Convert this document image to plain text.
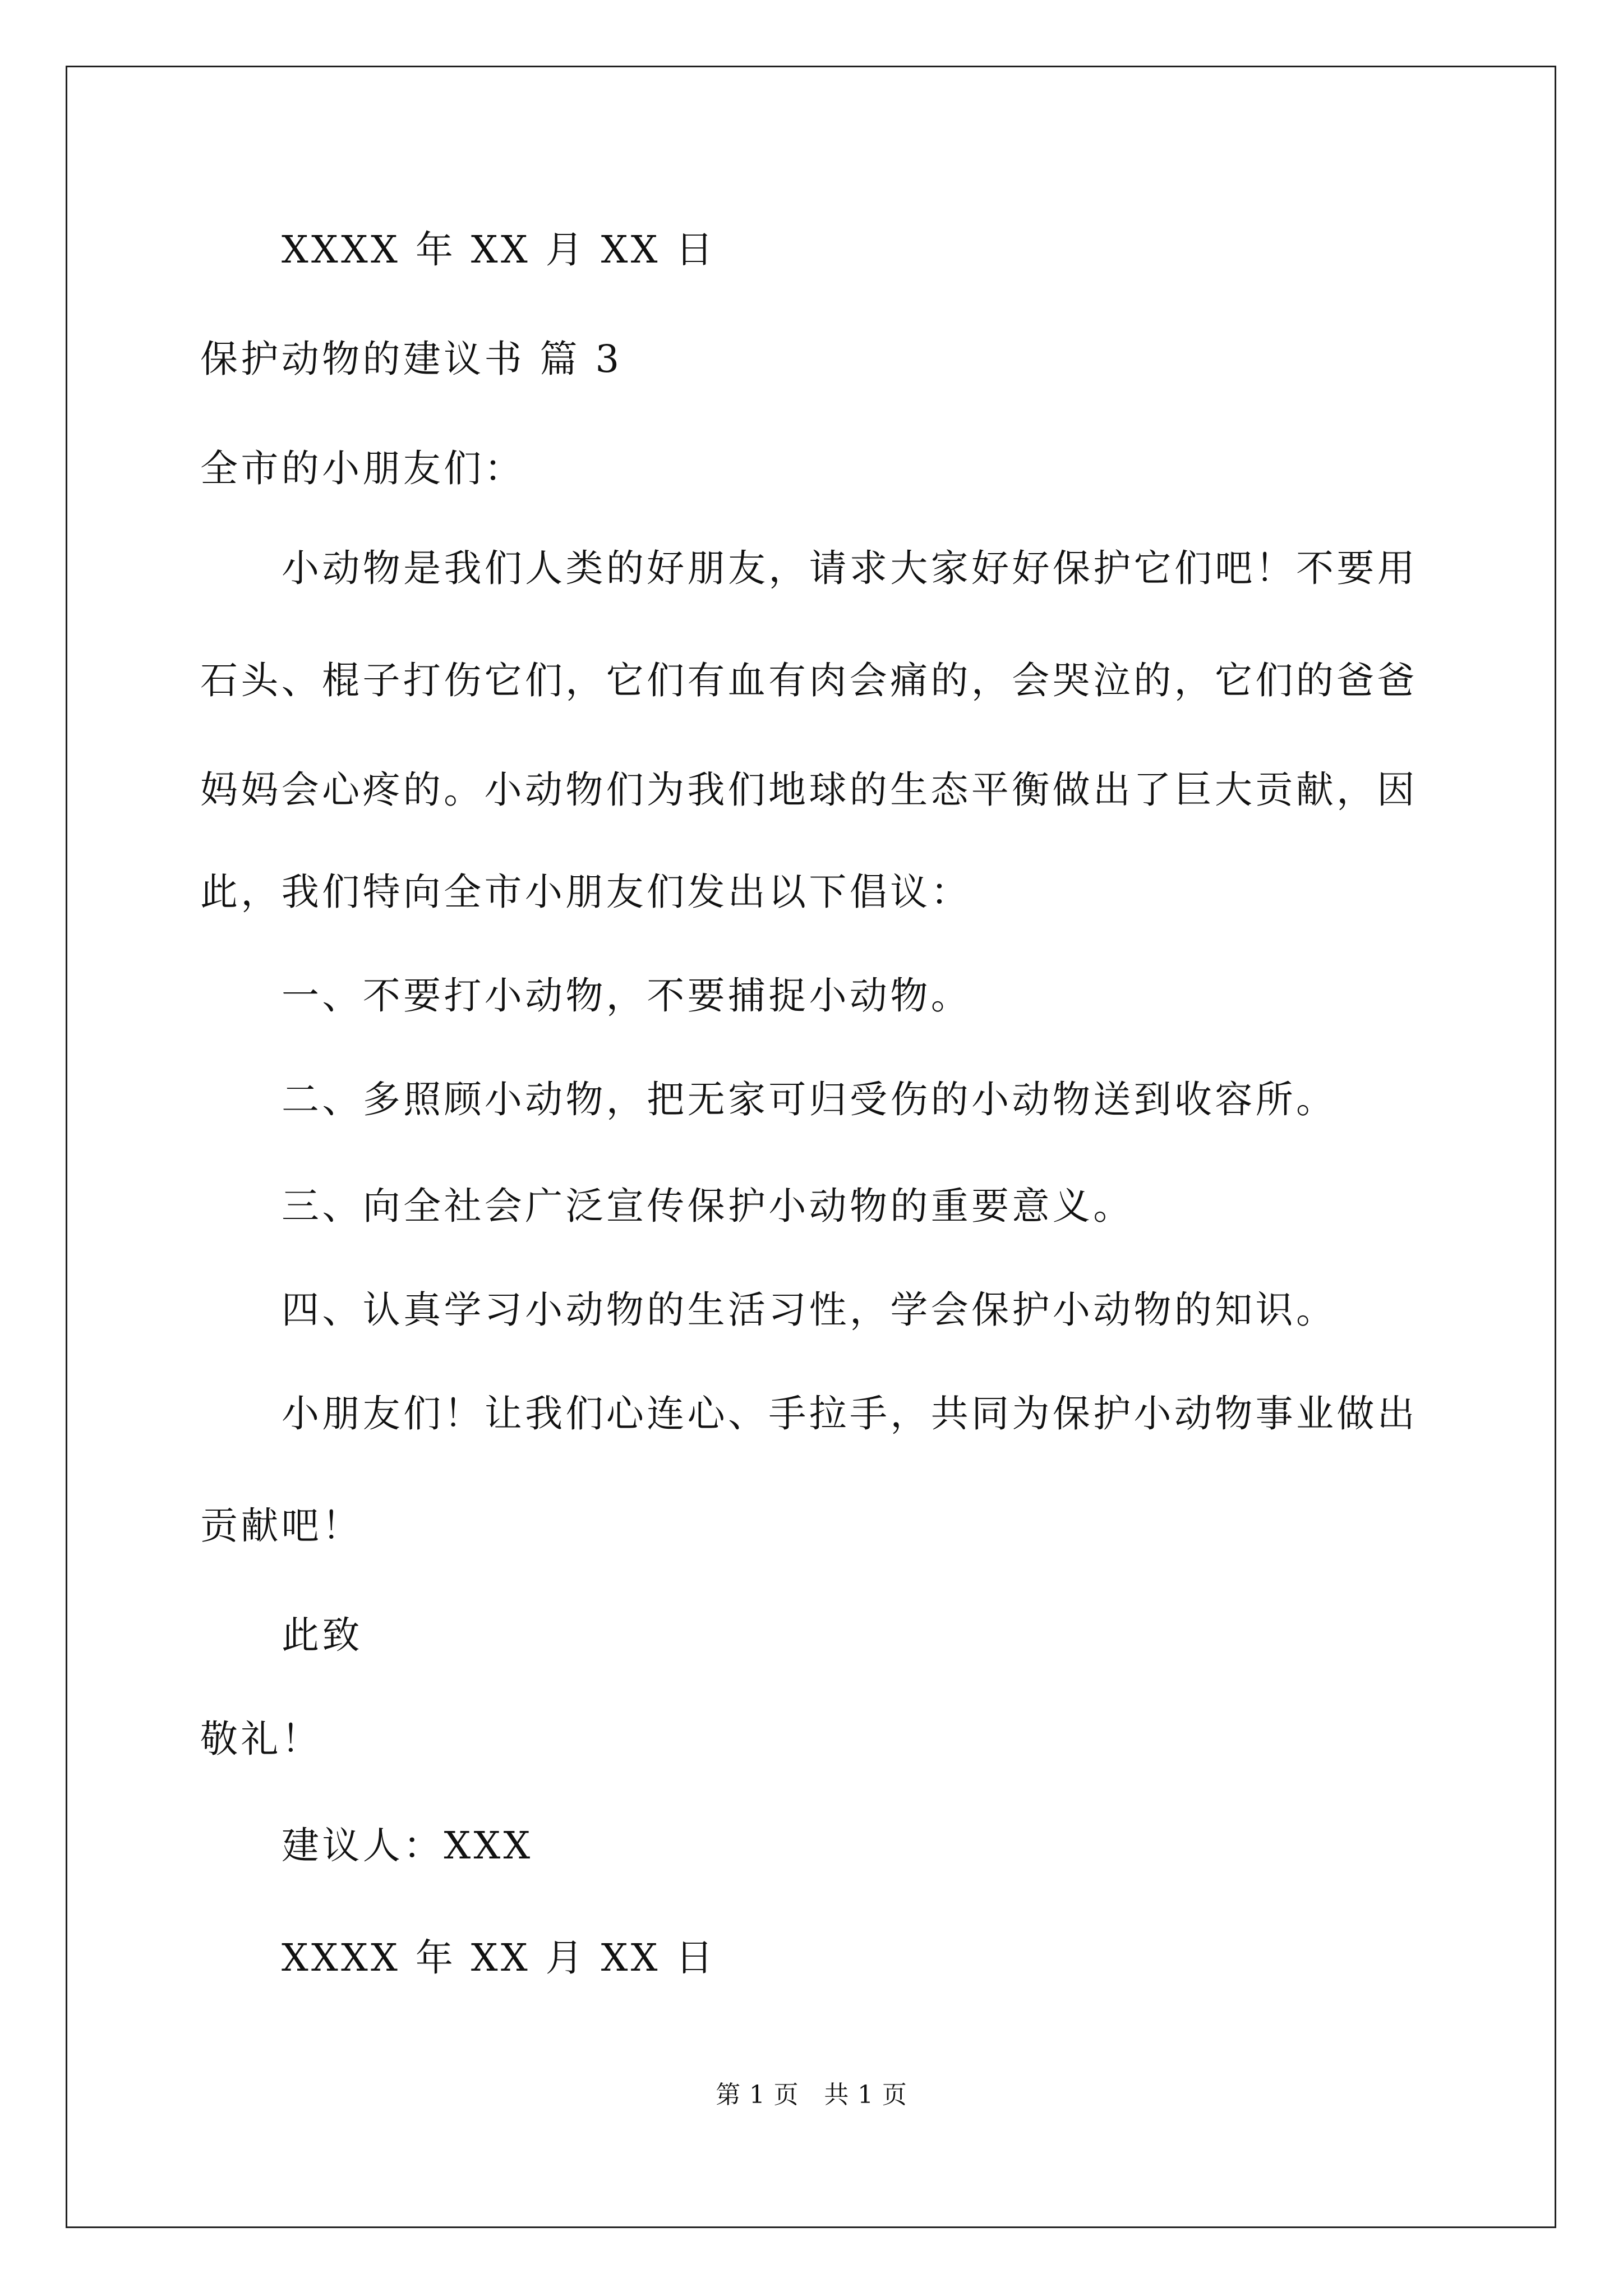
XXXX 年 XX 月 XX 日
保护动物的建议书 篇 3
全市的小朋友们：
小动物是我们人类的好朋友，请求大家好好保护它们吧！不要用
石头、棍子打伤它们，它们有血有肉会痛的，会哭泣的，它们的爸爸
妈妈会心疼的。小动物们为我们地球的生态平衡做出了巨大贡献，因
此，我们特向全市小朋友们发出以下倡议：
一、不要打小动物，不要捕捉小动物。
二、多照顾小动物，把无家可归受伤的小动物送到收容所。
三、向全社会广泛宣传保护小动物的重要意义。
四、认真学习小动物的生活习性，学会保护小动物的知识。
小朋友们！让我们心连心、手拉手，共同为保护小动物事业做出
贡献吧！
此致
敬礼！
建议人：XXX
XXXX 年 XX 月 XX 日
第 1 页　共 1 页
